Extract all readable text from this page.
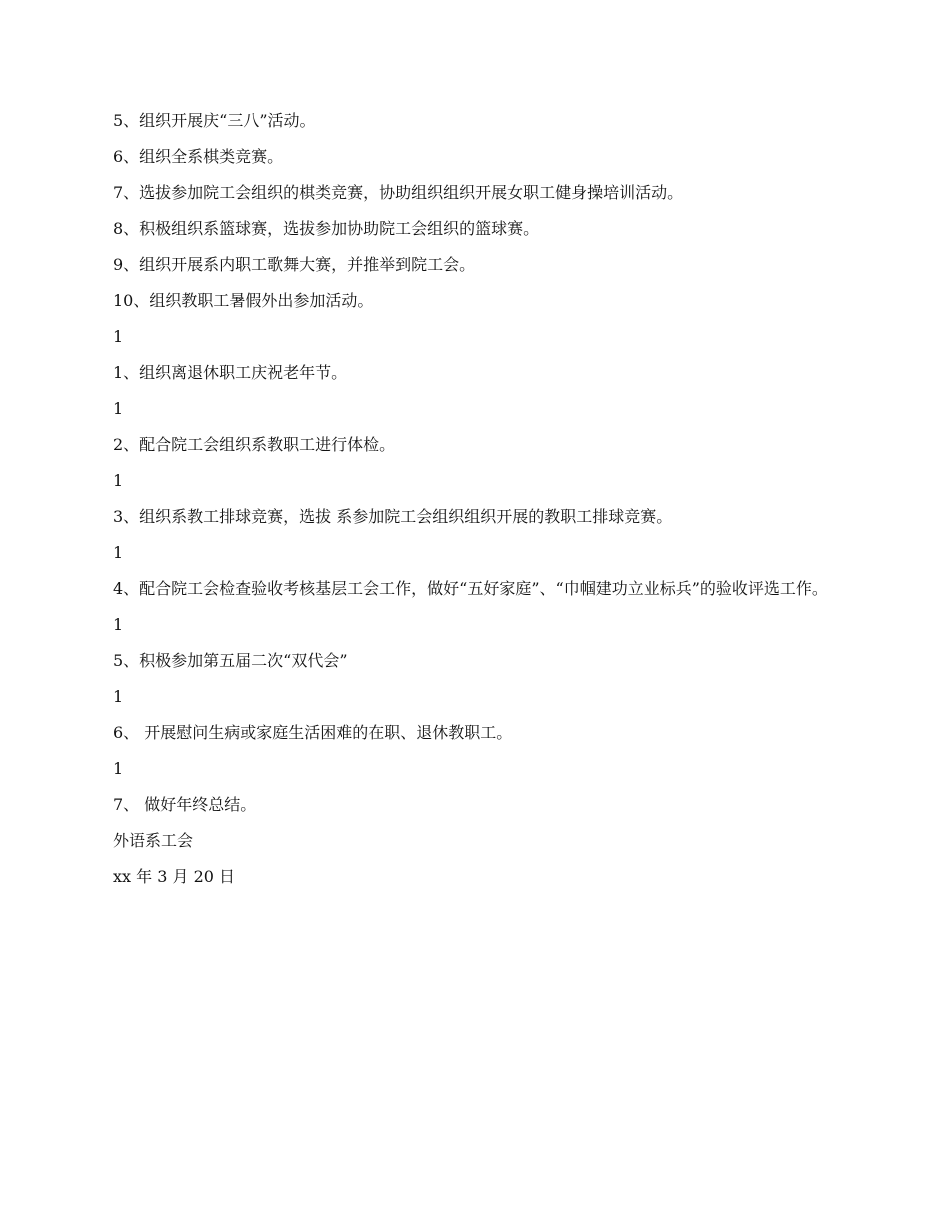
5、组织开展庆“三八”活动。

6、组织全系棋类竞赛。

7、选拔参加院工会组织的棋类竞赛，协助组织组织开展女职工健身操培训活动。

8、积极组织系篮球赛，选拔参加协助院工会组织的篮球赛。

9、组织开展系内职工歌舞大赛，并推举到院工会。

10、组织教职工暑假外出参加活动。

1

1、组织离退休职工庆祝老年节。

1

2、配合院工会组织系教职工进行体检。

1

3、组织系教工排球竞赛，选拔 系参加院工会组织组织开展的教职工排球竞赛。

1

4、配合院工会检查验收考核基层工会工作，做好“五好家庭”、“巾帼建功立业标兵”的验收评选工作。

1

5、积极参加第五届二次“双代会”

1

6、 开展慰问生病或家庭生活困难的在职、退休教职工。

1

7、 做好年终总结。

外语系工会

xx 年 3 月 20 日
